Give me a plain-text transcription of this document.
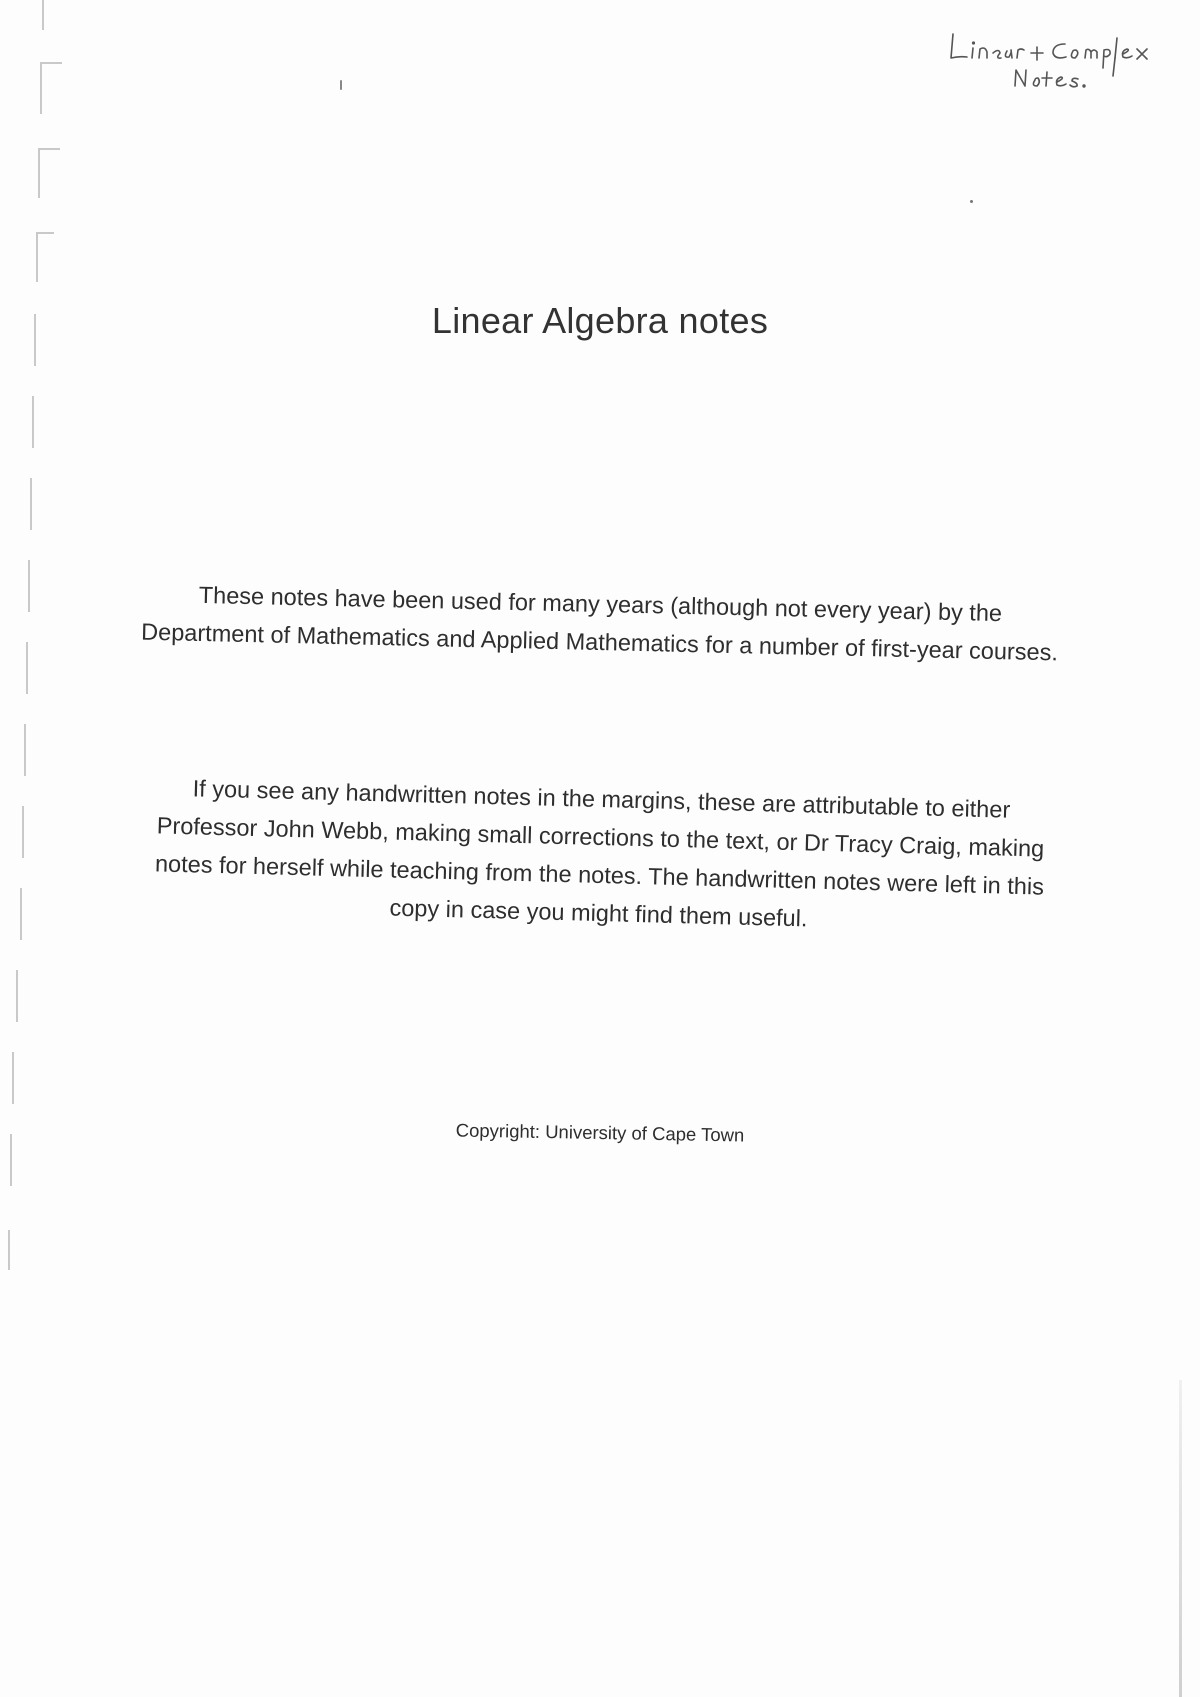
Linear Algebra notes
These notes have been used for many years (although not every year) by the Department of Mathematics and Applied Mathematics for a number of first-year courses.
If you see any handwritten notes in the margins, these are attributable to either Professor John Webb, making small corrections to the text, or Dr Tracy Craig, making notes for herself while teaching from the notes. The handwritten notes were left in this copy in case you might find them useful.
Copyright: University of Cape Town
